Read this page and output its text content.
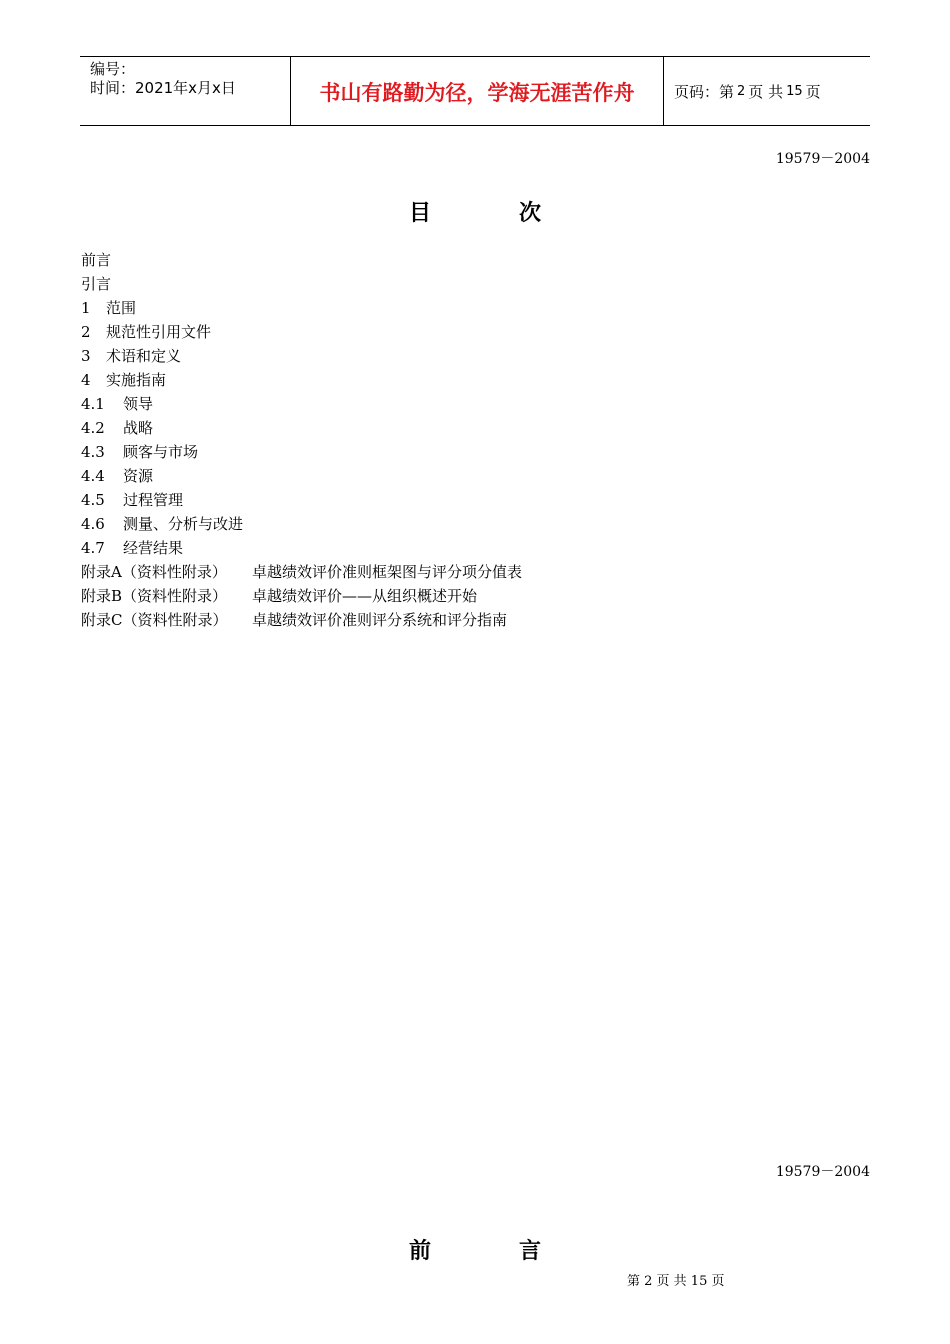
编号：
时间：2021年x月x日	书山有路勤为径，学海无涯苦作舟	页码：第 2 页 共 15 页
19579－2004
目	次
前言
引言
1 范围
2 规范性引用文件
3 术语和定义
4 实施指南
4.1 领导
4.2 战略
4.3 顾客与市场
4.4 资源
4.5 过程管理
4.6 测量、分析与改进
4.7 经营结果
附录A（资料性附录） 卓越绩效评价准则框架图与评分项分值表
附录B（资料性附录） 卓越绩效评价——从组织概述开始
附录C（资料性附录） 卓越绩效评价准则评分系统和评分指南
19579－2004
前	言
第 2 页 共 15 页
